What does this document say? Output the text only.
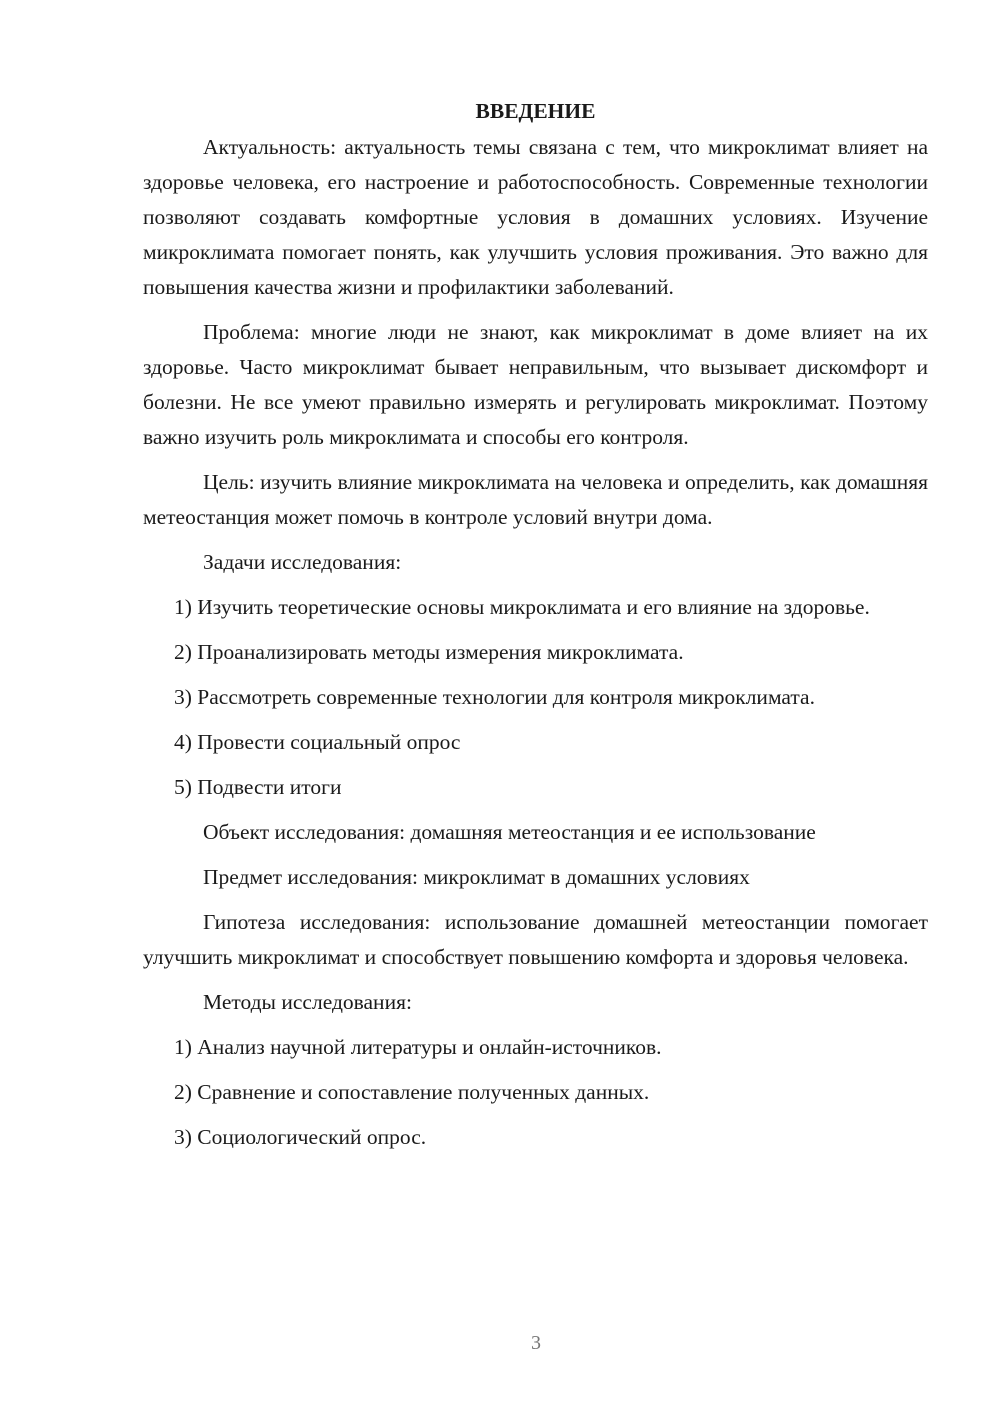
ВВЕДЕНИЕ

Актуальность: актуальность темы связана с тем, что микроклимат влияет на здоровье человека, его настроение и работоспособность. Современные технологии позволяют создавать комфортные условия в домашних условиях. Изучение микроклимата помогает понять, как улучшить условия проживания. Это важно для повышения качества жизни и профилактики заболеваний.

Проблема: многие люди не знают, как микроклимат в доме влияет на их здоровье. Часто микроклимат бывает неправильным, что вызывает дискомфорт и болезни. Не все умеют правильно измерять и регулировать микроклимат. Поэтому важно изучить роль микроклимата и способы его контроля.

Цель: изучить влияние микроклимата на человека и определить, как домашняя метеостанция может помочь в контроле условий внутри дома.

Задачи исследования:

1) Изучить теоретические основы микроклимата и его влияние на здоровье.

2) Проанализировать методы измерения микроклимата.

3) Рассмотреть современные технологии для контроля микроклимата.

4) Провести социальный опрос

5) Подвести итоги

Объект исследования: домашняя метеостанция и ее использование

Предмет исследования: микроклимат в домашних условиях

Гипотеза исследования: использование домашней метеостанции помогает улучшить микроклимат и способствует повышению комфорта и здоровья человека.

Методы исследования:

1) Анализ научной литературы и онлайн-источников.

2) Сравнение и сопоставление полученных данных.

3) Социологический опрос.

3
